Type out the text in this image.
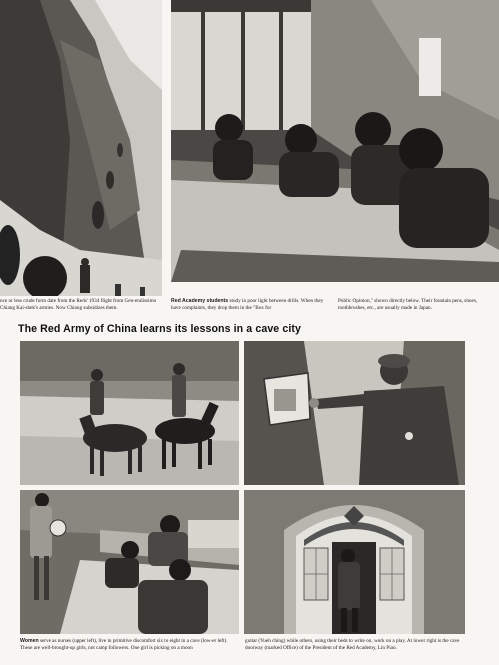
nce or less crude form date from the Reds' 1934 flight from Gen-eralissimo Chiang Kai-shek's armies. Now Chiang subsidizes them.
Red Academy students study in poor light between drills. When they have complaints, they drop them in the "Box for
Public Opinion," shown directly below. Their fountain pens, shoes, toothbrushes, etc., are usually made in Japan.
The Red Army of China learns its lessons in a cave city
Women serve as nurses (upper left), live in primitive discomfort six to eight in a cave (low-er left). These are well-brought-up girls, not camp followers. One girl is picking on a moon
guitar (Yueh ching) while others, using their beds to write on, work on a play. At lower right is the cave doorway (marked Office) of the President of the Red Academy, Lin Piao.
